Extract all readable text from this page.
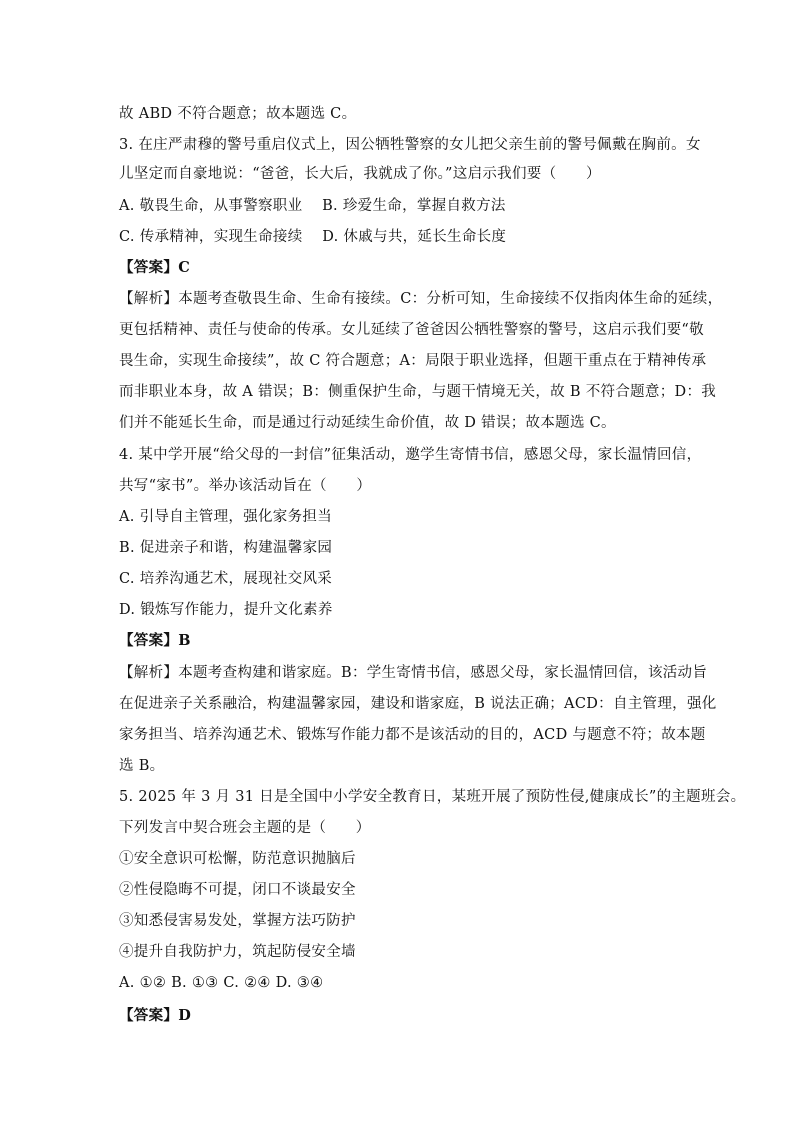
故 ABD 不符合题意；故本题选 C。
3. 在庄严肃穆的警号重启仪式上，因公牺牲警察的女儿把父亲生前的警号佩戴在胸前。女
儿坚定而自豪地说：“爸爸，长大后，我就成了你。”这启示我们要（　　）
A. 敬畏生命，从事警察职业　 B. 珍爱生命，掌握自救方法
C. 传承精神，实现生命接续　 D. 休戚与共，延长生命长度
【答案】C
【解析】本题考查敬畏生命、生命有接续。C：分析可知，生命接续不仅指肉体生命的延续，
更包括精神、责任与使命的传承。女儿延续了爸爸因公牺牲警察的警号，这启示我们要“敬
畏生命，实现生命接续”，故 C 符合题意；A：局限于职业选择，但题干重点在于精神传承
而非职业本身，故 A 错误；B：侧重保护生命，与题干情境无关，故 B 不符合题意；D：我
们并不能延长生命，而是通过行动延续生命价值，故 D 错误；故本题选 C。
4. 某中学开展“给父母的一封信”征集活动，邀学生寄情书信，感恩父母，家长温情回信，
共写“家书”。举办该活动旨在（　　）
A. 引导自主管理，强化家务担当
B. 促进亲子和谐，构建温馨家园
C. 培养沟通艺术，展现社交风采
D. 锻炼写作能力，提升文化素养
【答案】B
【解析】本题考查构建和谐家庭。B：学生寄情书信，感恩父母，家长温情回信，该活动旨
在促进亲子关系融洽，构建温馨家园，建设和谐家庭，B 说法正确；ACD：自主管理，强化
家务担当、培养沟通艺术、锻炼写作能力都不是该活动的目的，ACD 与题意不符；故本题
选 B。
5. 2025 年 3 月 31 日是全国中小学安全教育日，某班开展了预防性侵,健康成长”的主题班会。
下列发言中契合班会主题的是（　　）
①安全意识可松懈，防范意识抛脑后
②性侵隐晦不可提，闭口不谈最安全
③知悉侵害易发处，掌握方法巧防护
④提升自我防护力，筑起防侵安全墙
A. ①② B. ①③ C. ②④ D. ③④
【答案】D
